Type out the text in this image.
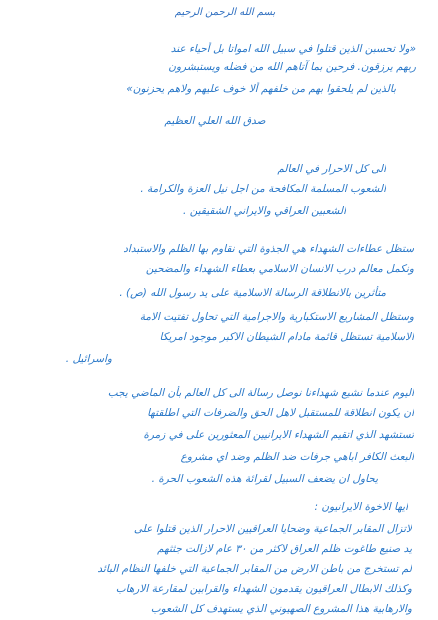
بسم الله الرحمن الرحيم
«ولا تحسبن الذين قتلوا في سبيل الله امواتا بل أحياء عند
ربهم يرزقون. فرحين بما آتاهم الله من فضله ويستبشرون
بالذين لم يلحقوا بهم من خلفهم ألا خوف عليهم ولاهم يحزنون»
صدق الله العلي العظيم
الى كل الاحرار في العالم
الشعوب المسلمة المكافحة من اجل نيل العزة والكرامة .
الشعبين العراقي والايراني الشقيقين .
ستظل عطاءات الشهداء هي الجذوة التي نقاوم بها الظلم والاستبداد
ونكمل معالم درب الانسان الاسلامي بعطاء الشهداء والمضحين
متأثرين بالانطلاقة الرسالة الاسلامية على يد رسول الله (ص) .
وستظل المشاريع الاستكبارية والاجرامية التي تحاول تفتيت الامة
الاسلامية تستظل قائمة مادام الشيطان الاكبر موجود امريكا
واسرائيل .
اليوم عندما نشيع شهداءنا نوصل رسالة الى كل العالم بأن الماضي يجب
ان يكون انطلاقة للمستقبل لاهل الحق والضرفات التي اطلقتها
تستشهد الذي اتقيم الشهداء الايرانيين المعثورين على في زمرة
البعث الكافر اباهي جرفات ضد الظلم وضد اي مشروع
يحاول ان يضعف السبيل لقرائة هذه الشعوب الحرة .
ايها الاخوة الايرانيون :
لاتزال المقابر الجماعية وضحايا العراقيين الاحرار الذين قتلوا على
يد صنيع طاغوت ظلم العراق لاكثر من ٣٠ عام لازالت جثثهم
لم تستخرج من باطن الارض من المقابر الجماعية التي خلفها النظام البائد
وكذلك الابطال العراقيون يقدمون الشهداء والقرابين لمقارعة الارهاب
والارهابية هذا المشروع الصهيوني الذي يستهدف كل الشعوب
